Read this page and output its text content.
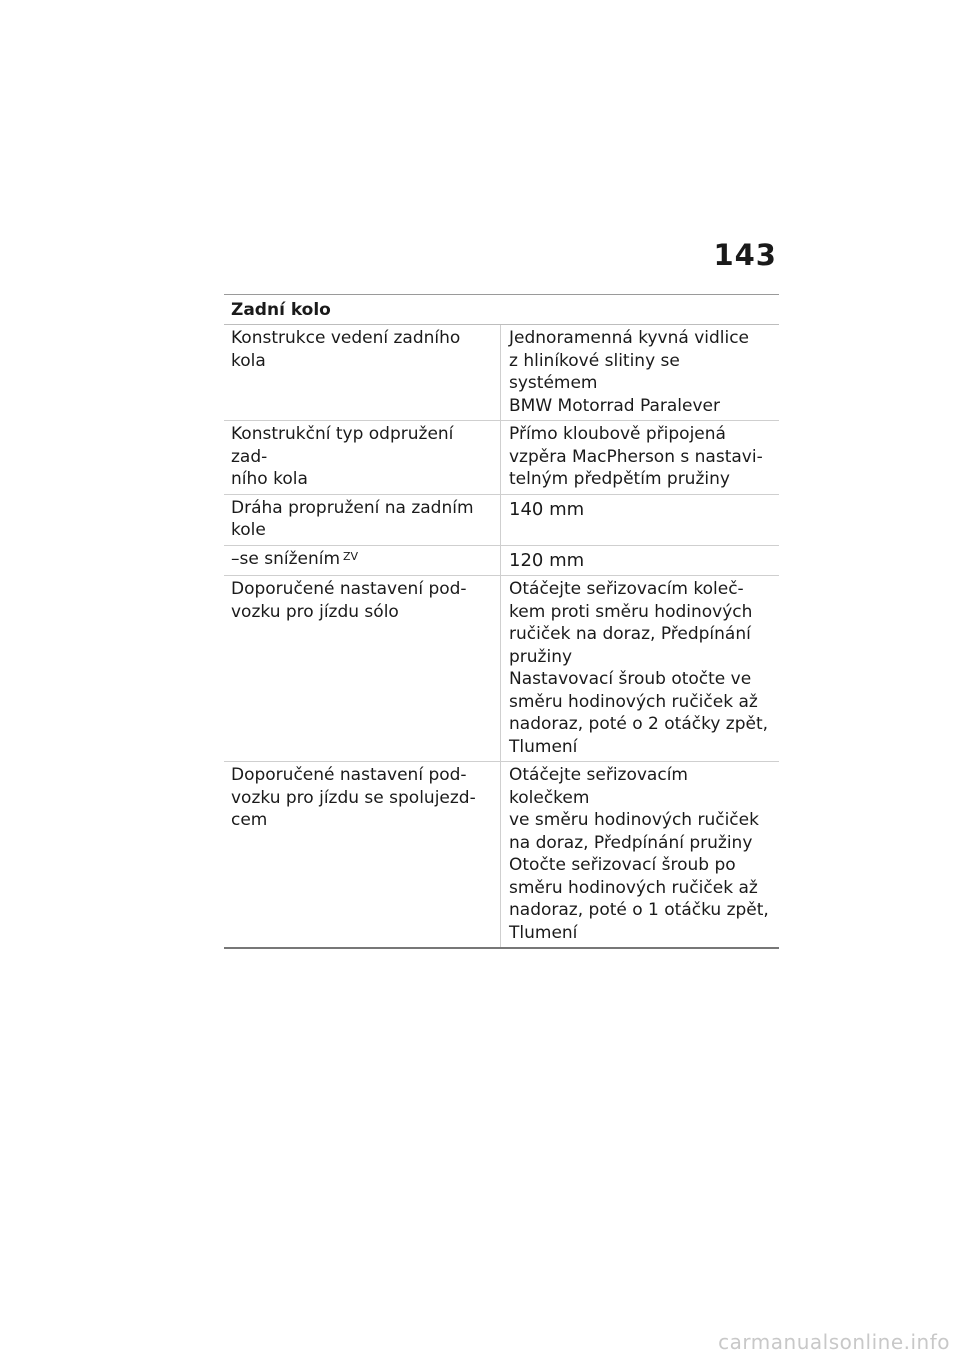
143
Zadní kolo
Konstrukce vedení zadního
kola
Jednoramenná kyvná vidlice
z hliníkové slitiny se systémem
BMW Motorrad Paralever
Konstrukční typ odpružení zad-
ního kola
Přímo kloubově připojená
vzpěra MacPherson s nastavi-
telným předpětím pružiny
Dráha propružení na zadním
kole
140 mm
–se snížením $^{ZV}$	120 mm
Doporučené nastavení pod-
vozku pro jízdu sólo
Otáčejte seřizovacím koleč-
kem proti směru hodinových
ručiček na doraz, Předpínání
pružiny
Nastavovací šroub otočte ve
směru hodinových ručiček až
nadoraz, poté o 2 otáčky zpět,
Tlumení
Doporučené nastavení pod-
vozku pro jízdu se spolujezd-
cem
Otáčejte seřizovacím kolečkem
ve směru hodinových ručiček
na doraz, Předpínání pružiny
Otočte seřizovací šroub po
směru hodinových ručiček až
nadoraz, poté o 1 otáčku zpět,
Tlumení
carmanualsonline.info
